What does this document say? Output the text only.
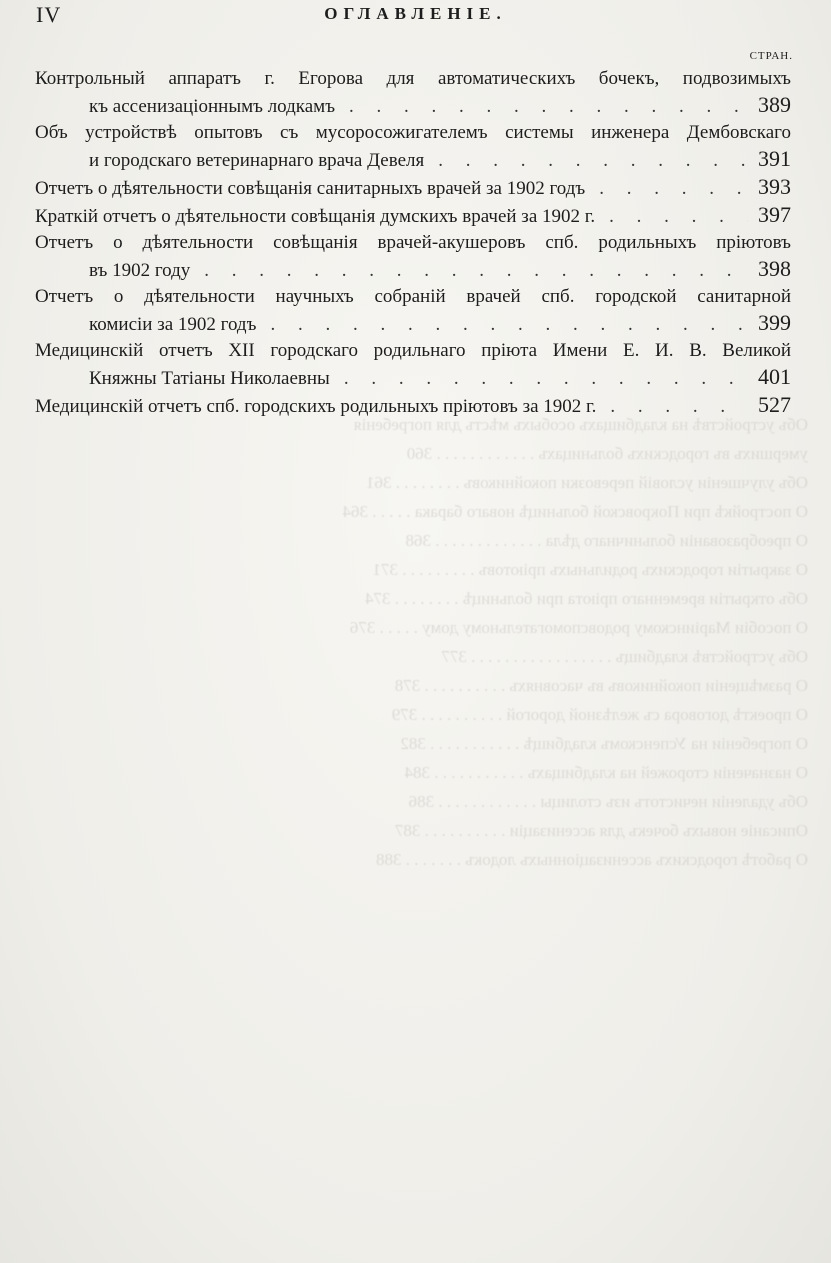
IV	ОГЛАВЛЕНІЕ.
СТРАН.
Объ устройствѣ на кладбищахъ особыхъ мѣстъ для погребенія
умершихъ въ городскихъ больницахъ . . . . . . . . . . . . 360
Объ улучшеніи условій перевозки покойниковъ . . . . . . . . 361
О постройкѣ при Покровской больницѣ новаго барака . . . . . 364
О преобразованіи больничнаго дѣла . . . . . . . . . . . . . 368
О закрытіи городскихъ родильныхъ пріютовъ . . . . . . . . . 371
Объ открытіи временнаго пріюта при больницѣ . . . . . . . . 374
О пособіи Маріинскому родовспомогательному дому . . . . . 376
Объ устройствѣ кладбищъ . . . . . . . . . . . . . . . . . 377
О размѣщеніи покойниковъ въ часовняхъ . . . . . . . . . . 378
О проектѣ договора съ желѣзной дорогой . . . . . . . . . . 379
О погребеніи на Успенскомъ кладбищѣ . . . . . . . . . . . 382
О назначеніи сторожей на кладбищахъ . . . . . . . . . . . 384
Объ удаленіи нечистотъ изъ столицы . . . . . . . . . . . . 386
Описаніе новыхъ бочекъ для ассенизаціи . . . . . . . . . . 387
О работѣ городскихъ ассенизаціонныхъ лодокъ . . . . . . . 388
Контрольный аппаратъ г. Егорова для автоматическихъ бочекъ, подвозимыхъ
къ ассенизаціоннымъ лодкамъ . . .	389
Объ устройствѣ опытовъ съ мусоросожигателемъ системы инженера Дембовскаго
и городскаго ветеринарнаго врача Девеля . . .	391
Отчетъ о дѣятельности совѣщанія санитарныхъ врачей за 1902 годъ . . .	393
Краткій отчетъ о дѣятельности совѣщанія думскихъ врачей за 1902 г. . . .	397
Отчетъ о дѣятельности совѣщанія врачей-акушеровъ спб. родильныхъ пріютовъ
въ 1902 году . . .	398
Отчетъ о дѣятельности научныхъ собраній врачей спб. городской санитарной
комисіи за 1902 годъ . . .	399
Медицинскій отчетъ XII городскаго родильнаго пріюта Имени Е. И. В. Великой
Княжны Татіаны Николаевны . . .	401
Медицинскій отчетъ спб. городскихъ родильныхъ пріютовъ за 1902 г. . . .	527
